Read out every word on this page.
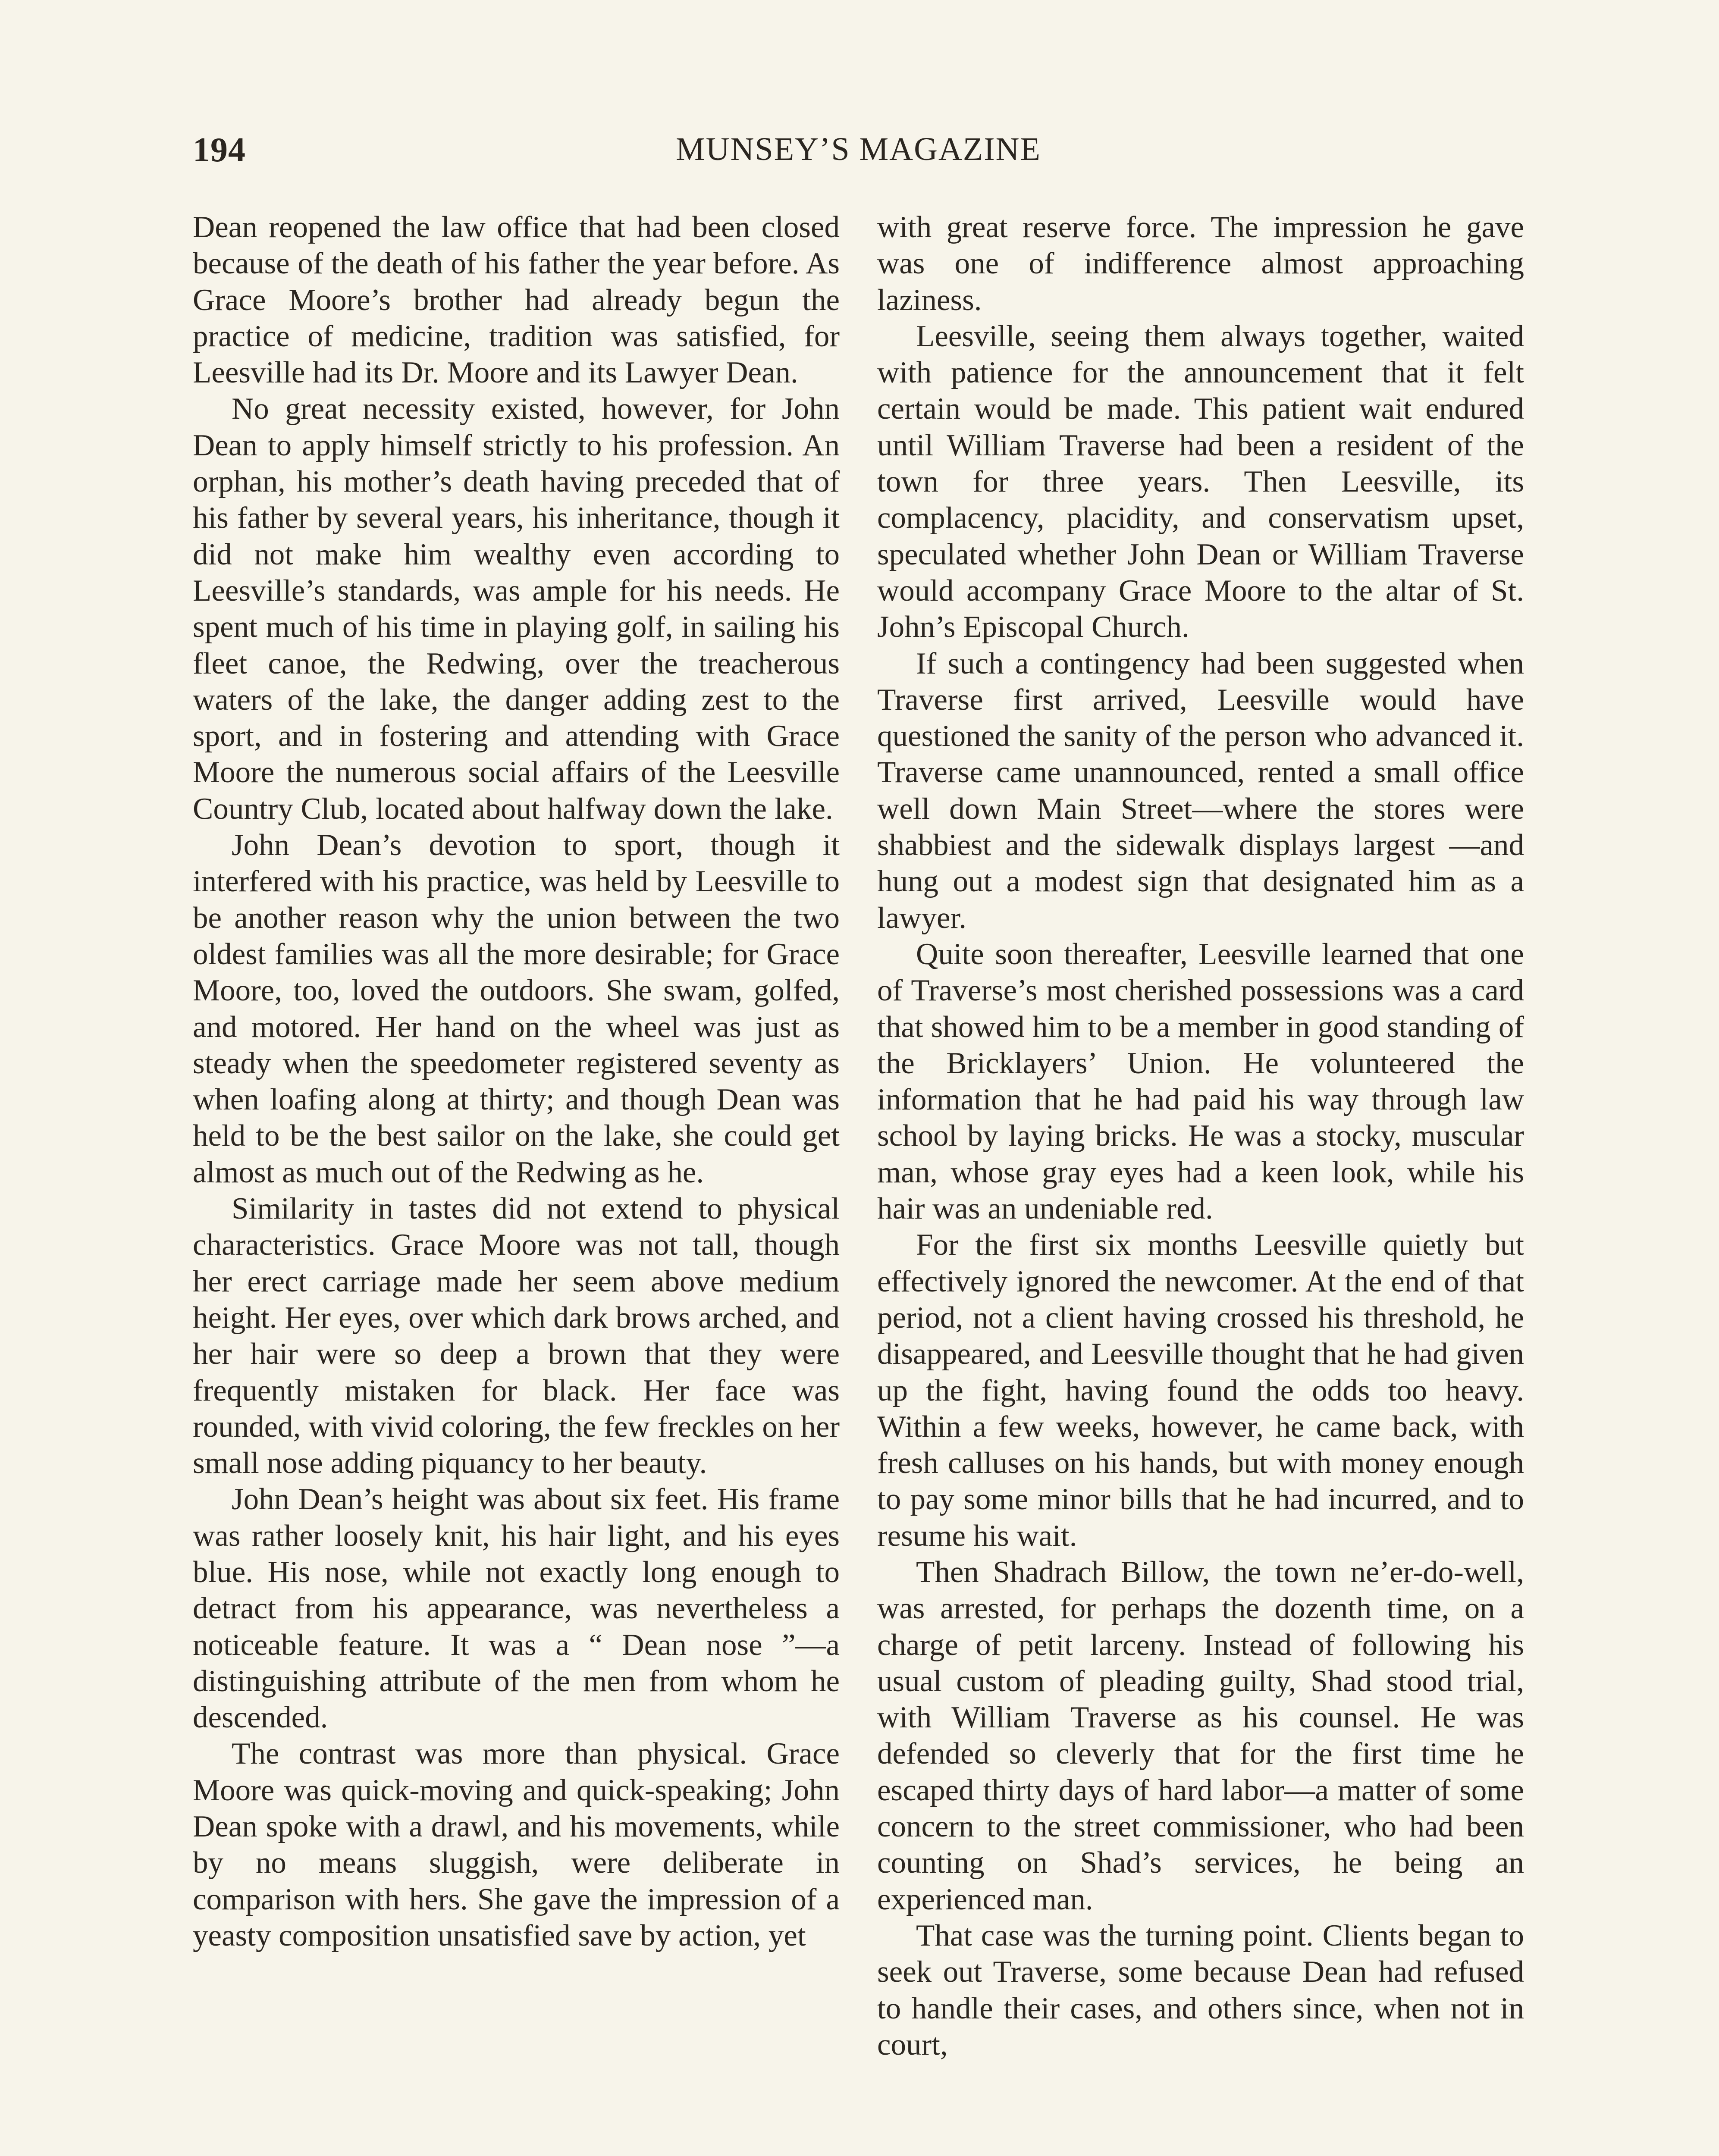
194	MUNSEY’S MAGAZINE

Dean reopened the law office that had been closed because of the death of his father the year before. As Grace Moore’s brother had already begun the practice of medicine, tradition was satisfied, for Leesville had its Dr. Moore and its Lawyer Dean.

No great necessity existed, however, for John Dean to apply himself strictly to his profession. An orphan, his mother’s death having preceded that of his father by several years, his inheritance, though it did not make him wealthy even according to Leesville’s standards, was ample for his needs. He spent much of his time in playing golf, in sailing his fleet canoe, the Redwing, over the treacherous waters of the lake, the danger adding zest to the sport, and in fostering and attending with Grace Moore the numerous social affairs of the Leesville Country Club, located about halfway down the lake.

John Dean’s devotion to sport, though it interfered with his practice, was held by Leesville to be another reason why the union between the two oldest families was all the more desirable; for Grace Moore, too, loved the outdoors. She swam, golfed, and motored. Her hand on the wheel was just as steady when the speedometer registered seventy as when loafing along at thirty; and though Dean was held to be the best sailor on the lake, she could get almost as much out of the Redwing as he.

Similarity in tastes did not extend to physical characteristics. Grace Moore was not tall, though her erect carriage made her seem above medium height. Her eyes, over which dark brows arched, and her hair were so deep a brown that they were frequently mistaken for black. Her face was rounded, with vivid coloring, the few freckles on her small nose adding piquancy to her beauty.

John Dean’s height was about six feet. His frame was rather loosely knit, his hair light, and his eyes blue. His nose, while not exactly long enough to detract from his appearance, was nevertheless a noticeable feature. It was a “ Dean nose ”—a distinguishing attribute of the men from whom he descended.

The contrast was more than physical. Grace Moore was quick-moving and quick-speaking; John Dean spoke with a drawl, and his movements, while by no means sluggish, were deliberate in comparison with hers. She gave the impression of a yeasty composition unsatisfied save by action, yet

with great reserve force. The impression he gave was one of indifference almost approaching laziness.

Leesville, seeing them always together, waited with patience for the announcement that it felt certain would be made. This patient wait endured until William Traverse had been a resident of the town for three years. Then Leesville, its complacency, placidity, and conservatism upset, speculated whether John Dean or William Traverse would accompany Grace Moore to the altar of St. John’s Episcopal Church.

If such a contingency had been suggested when Traverse first arrived, Leesville would have questioned the sanity of the person who advanced it. Traverse came unannounced, rented a small office well down Main Street—where the stores were shabbiest and the sidewalk displays largest —and hung out a modest sign that designated him as a lawyer.

Quite soon thereafter, Leesville learned that one of Traverse’s most cherished possessions was a card that showed him to be a member in good standing of the Bricklayers’ Union. He volunteered the information that he had paid his way through law school by laying bricks. He was a stocky, muscular man, whose gray eyes had a keen look, while his hair was an undeniable red.

For the first six months Leesville quietly but effectively ignored the newcomer. At the end of that period, not a client having crossed his threshold, he disappeared, and Leesville thought that he had given up the fight, having found the odds too heavy. Within a few weeks, however, he came back, with fresh calluses on his hands, but with money enough to pay some minor bills that he had incurred, and to resume his wait.

Then Shadrach Billow, the town ne’er-do-well, was arrested, for perhaps the dozenth time, on a charge of petit larceny. Instead of following his usual custom of pleading guilty, Shad stood trial, with William Traverse as his counsel. He was defended so cleverly that for the first time he escaped thirty days of hard labor—a matter of some concern to the street commissioner, who had been counting on Shad’s services, he being an experienced man.

That case was the turning point. Clients began to seek out Traverse, some because Dean had refused to handle their cases, and others since, when not in court,
